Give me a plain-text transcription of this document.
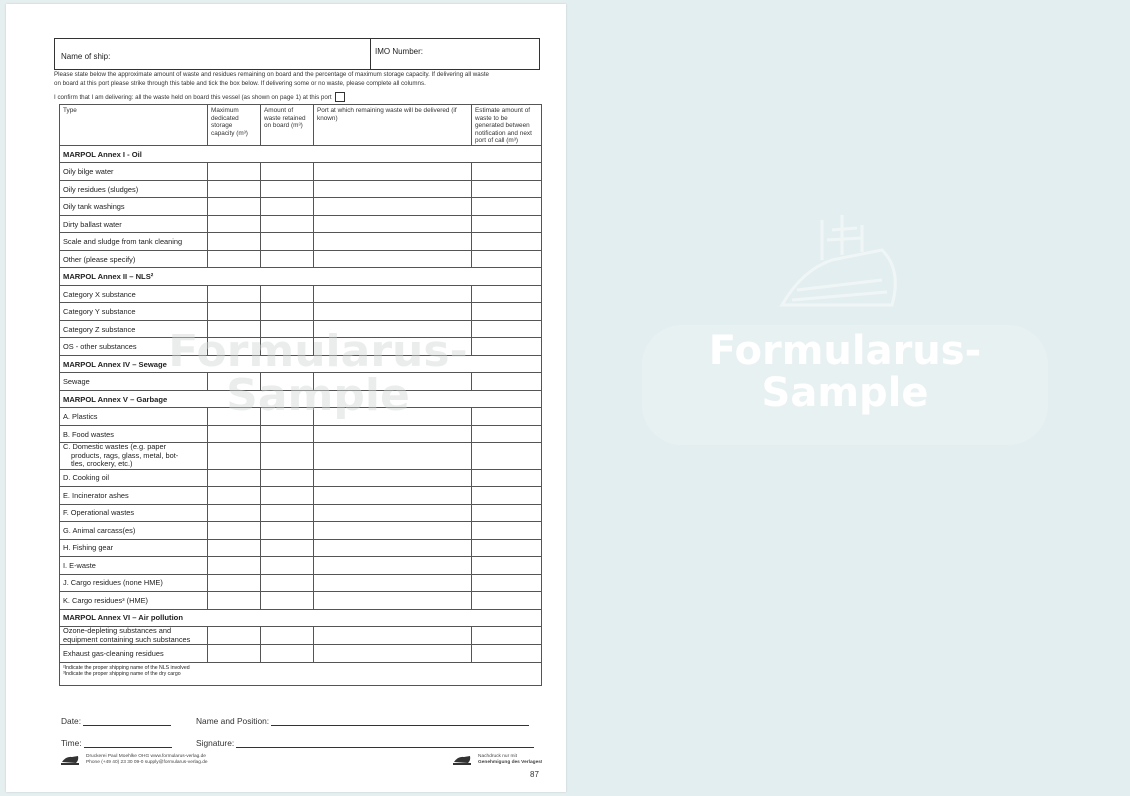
Formularus-
Sample
Name of ship:
IMO Number:
Please state below the approximate amount of waste and residues remaining on board and the percentage of maximum storage capacity. If delivering all waste
on board at this port please strike through this table and tick the box below. If delivering some or no waste, please complete all columns.
I confirm that I am delivering: all the waste held on board this vessel (as shown on page 1) at this port
Type	Maximum dedicated storage capacity (m³)	Amount of waste retained on board (m³)	Port at which remaining waste will be delivered (if known)	Estimate amount of waste to be generated between notification and next port of call (m³)
MARPOL Annex I - Oil				
Oily bilge water				
Oily residues (sludges)				
Oily tank washings				
Dirty ballast water				
Scale and sludge from tank cleaning				
Other (please specify)				
MARPOL Annex II – NLS²				
Category X substance				
Category Y substance				
Category Z substance				
OS - other substances				
MARPOL Annex IV – Sewage				
Sewage				
MARPOL Annex V – Garbage				
A. Plastics				
B. Food wastes				

C. Domestic wastes (e.g. paper
products, rags, glass, metal, bot-
tles, crockery, etc.)				

D. Cooking oil				
E. Incinerator ashes				
F. Operational wastes				
G. Animal carcass(es)				
H. Fishing gear				
I. E-waste				
J. Cargo residues (none HME)				
K. Cargo residues³ (HME)				
MARPOL Annex VI – Air pollution				

Ozone-depleting substances and
equipment containing such substances				

Exhaust gas-cleaning residues				

²Indicate the proper shipping name of the NLS involved
³Indicate the proper shipping name of the dry cargo				
Formularus-
Sample
Date:	Name and Position:
Time:	Signature:
Druckerei Paul Moehlke OHG www.formularus-verlag.de
Phone (+49 40) 23 30 09-0 supply@formularus-verlag.de
Nachdruck nur mit
Genehmigung des Verlages!
87
